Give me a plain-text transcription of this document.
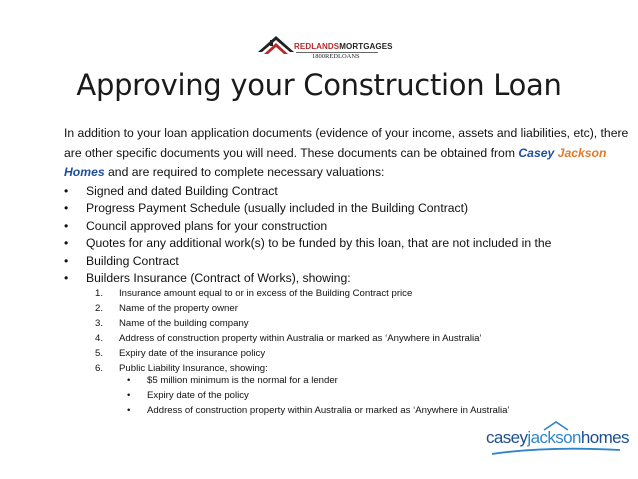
REDLANDSMORTGAGES
1800REDLOANS
Approving your Construction Loan
In addition to your loan application documents (evidence of your income, assets and liabilities, etc), there are other specific documents you will need. These documents can be obtained from Casey Jackson Homes and are required to complete necessary valuations:
• Signed and dated Building Contract
• Progress Payment Schedule (usually included in the Building Contract)
• Council approved plans for your construction
• Quotes for any additional work(s) to be funded by this loan, that are not included in the
• Building Contract
• Builders Insurance (Contract of Works), showing:
1. Insurance amount equal to or in excess of the Building Contract price
2. Name of the property owner
3. Name of the building company
4. Address of construction property within Australia or marked as ‘Anywhere in Australia’
5. Expiry date of the insurance policy
6. Public Liability Insurance, showing:
• $5 million minimum is the normal for a lender
• Expiry date of the policy
• Address of construction property within Australia or marked as ‘Anywhere in Australia’
caseyjacksonhomes
